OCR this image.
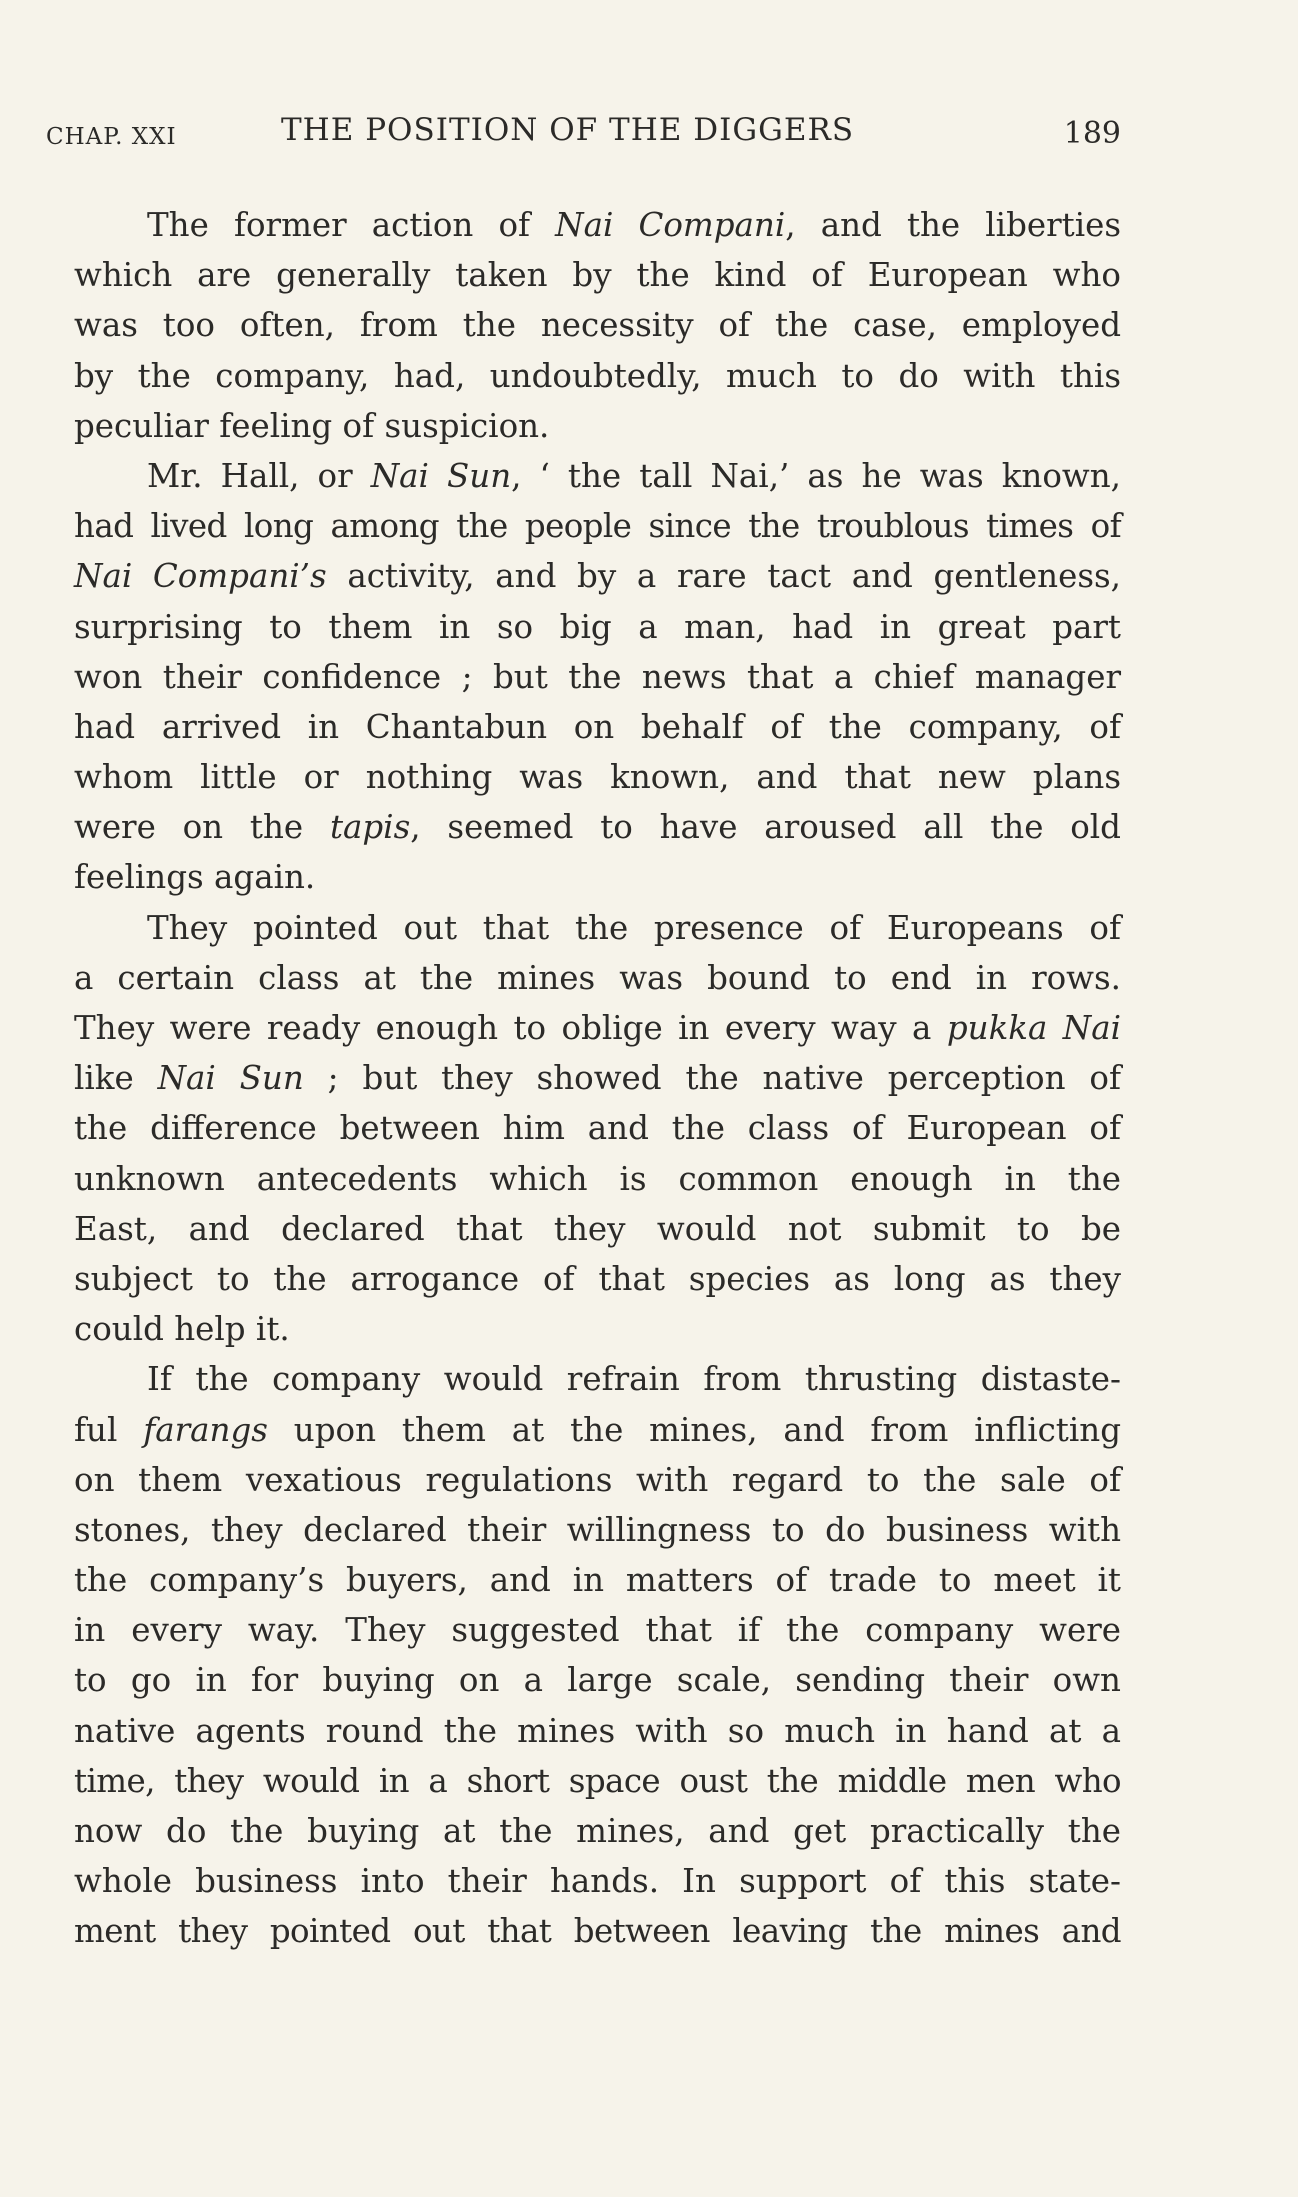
CHAP. XXI	THE POSITION OF THE DIGGERS	189
The former action of Nai Compani, and the liberties
which are generally taken by the kind of European who
was too often, from the necessity of the case, employed
by the company, had, undoubtedly, much to do with this
peculiar feeling of suspicion.
Mr. Hall, or Nai Sun, ‘ the tall Nai,’ as he was known,
had lived long among the people since the troublous times of
Nai Compani’s activity, and by a rare tact and gentleness,
surprising to them in so big a man, had in great part
won their confidence ; but the news that a chief manager
had arrived in Chantabun on behalf of the company, of
whom little or nothing was known, and that new plans
were on the tapis, seemed to have aroused all the old
feelings again.
They pointed out that the presence of Europeans of
a certain class at the mines was bound to end in rows.
They were ready enough to oblige in every way a pukka Nai
like Nai Sun ; but they showed the native perception of
the difference between him and the class of European of
unknown antecedents which is common enough in the
East, and declared that they would not submit to be
subject to the arrogance of that species as long as they
could help it.
If the company would refrain from thrusting distaste-
ful farangs upon them at the mines, and from inflicting
on them vexatious regulations with regard to the sale of
stones, they declared their willingness to do business with
the company’s buyers, and in matters of trade to meet it
in every way. They suggested that if the company were
to go in for buying on a large scale, sending their own
native agents round the mines with so much in hand at a
time, they would in a short space oust the middle men who
now do the buying at the mines, and get practically the
whole business into their hands. In support of this state-
ment they pointed out that between leaving the mines and
